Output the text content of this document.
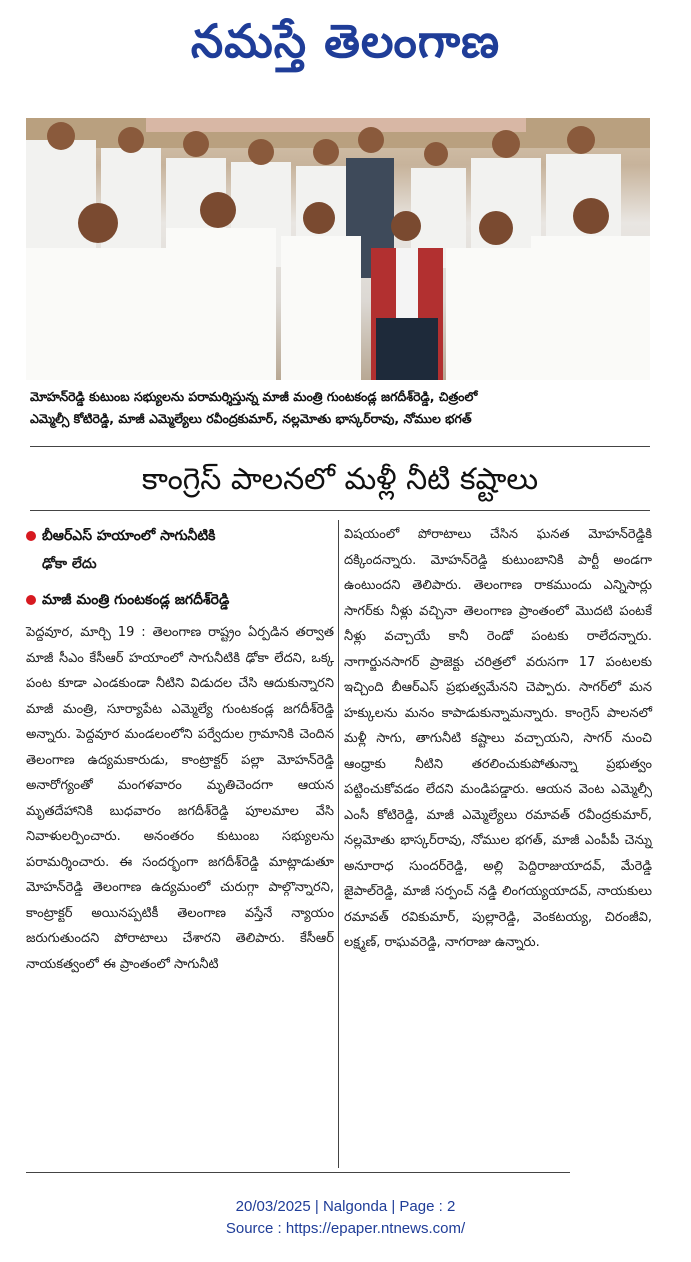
నమస్తే తెలంగాణ
మోహన్‌రెడ్డి కుటుంబ సభ్యులను పరామర్శిస్తున్న మాజీ మంత్రి గుంటకండ్ల జగదీశ్‌రెడ్డి, చిత్రంలో
ఎమ్మెల్సీ కోటిరెడ్డి, మాజీ ఎమ్మెల్యేలు రవీంద్రకుమార్, నల్లమోతు భాస్కర్‌రావు, నోముల భగత్
కాంగ్రెస్ పాలనలో మళ్లీ నీటి కష్టాలు
బీఆర్‌ఎస్ హయాంలో సాగునీటికి
ఢోకా లేదు
మాజీ మంత్రి గుంటకండ్ల జగదీశ్‌రెడ్డి
పెద్దవూర, మార్చి 19 : తెలంగాణ రాష్ట్రం ఏర్పడిన తర్వాత మాజీ సీఎం కేసీఆర్ హయాంలో సాగునీటికి ఢోకా లేదని, ఒక్క పంట కూడా ఎండకుండా నీటిని విడుదల చేసి ఆదుకున్నారని మాజీ మంత్రి, సూర్యాపేట ఎమ్మెల్యే గుంటకండ్ల జగదీశ్‌రెడ్డి అన్నారు. పెద్దవూర మండలంలోని పర్వేదుల గ్రామానికి చెందిన తెలంగాణ ఉద్యమకారుడు, కాంట్రాక్టర్ పల్లా మోహన్‌రెడ్డి అనారోగ్యంతో మంగళవారం మృతిచెందగా ఆయన మృతదేహానికి బుధవారం జగదీశ్‌రెడ్డి పూలమాల వేసి నివాళులర్పించారు. అనంతరం కుటుంబ సభ్యులను పరామర్శించారు. ఈ సందర్భంగా జగదీశ్‌రెడ్డి మాట్లాడుతూ మోహన్‌రెడ్డి తెలంగాణ ఉద్యమంలో చురుగ్గా పాల్గొన్నారని, కాంట్రాక్టర్ అయినప్పటికీ తెలంగాణ వస్తేనే న్యాయం జరుగుతుందని పోరాటాలు చేశారని తెలిపారు. కేసీఆర్ నాయకత్వంలో ఈ ప్రాంతంలో సాగునీటి
విషయంలో పోరాటాలు చేసిన ఘనత మోహన్‌రెడ్డికి దక్కిందన్నారు. మోహన్‌రెడ్డి కుటుంబానికి పార్టీ అండగా ఉంటుందని తెలిపారు. తెలంగాణ రాకముందు ఎన్నిసార్లు సాగర్‌కు నీళ్లు వచ్చినా తెలంగాణ ప్రాంతంలో మొదటి పంటకే నీళ్లు వచ్చాయే కానీ రెండో పంటకు రాలేదన్నారు. నాగార్జునసాగర్ ప్రాజెక్టు చరిత్రలో వరుసగా 17 పంటలకు ఇచ్చింది బీఆర్‌ఎస్ ప్రభుత్వమేనని చెప్పారు. సాగర్‌లో మన హక్కులను మనం కాపాడుకున్నామన్నారు. కాంగ్రెస్ పాలనలో మళ్లీ సాగు, తాగునీటి కష్టాలు వచ్చాయని, సాగర్ నుంచి ఆంధ్రాకు నీటిని తరలించుకుపోతున్నా ప్రభుత్వం పట్టించుకోవడం లేదని మండిపడ్డారు. ఆయన వెంట ఎమ్మెల్సీ ఎంసీ కోటిరెడ్డి, మాజీ ఎమ్మెల్యేలు రమావత్ రవీంద్రకుమార్, నల్లమోతు భాస్కర్‌రావు, నోముల భగత్, మాజీ ఎంపీపీ చెన్ను అనూరాధ సుందర్‌రెడ్డి, అల్లి పెద్దిరాజుయాదవ్, మేరెడ్డి జైపాల్‌రెడ్డి, మాజీ సర్పంచ్ నడ్డి లింగయ్యయాదవ్, నాయకులు రమావత్ రవికుమార్, పుల్లారెడ్డి, వెంకటయ్య, చిరంజీవి, లక్ష్మణ్, రాఘవరెడ్డి, నాగరాజు ఉన్నారు.
20/03/2025 | Nalgonda | Page : 2
Source : https://epaper.ntnews.com/
